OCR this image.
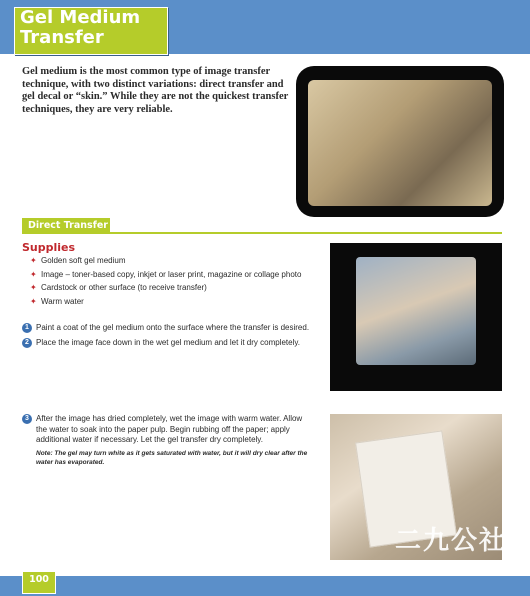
Gel Medium
Transfer

Gel medium is the most common type of image transfer technique, with two distinct variations: direct transfer and gel decal or “skin.” While they are not the quickest transfer techniques, they are very reliable.

Direct Transfer
Supplies
✦ Golden soft gel medium
✦ Image – toner-based copy, inkjet or laser print, magazine or collage photo
✦ Cardstock or other surface (to receive transfer)
✦ Warm water
1 Paint a coat of the gel medium onto the surface where the transfer is desired.

2 Place the image face down in the wet gel medium and let it dry completely.

3 After the image has dried completely, wet the image with warm water. Allow the water to soak into the paper pulp. Begin rubbing off the paper; apply additional water if necessary. Let the gel transfer dry completely.

Note: The gel may turn white as it gets saturated with water, but it will dry clear after the water has evaporated.

二九公社

100
